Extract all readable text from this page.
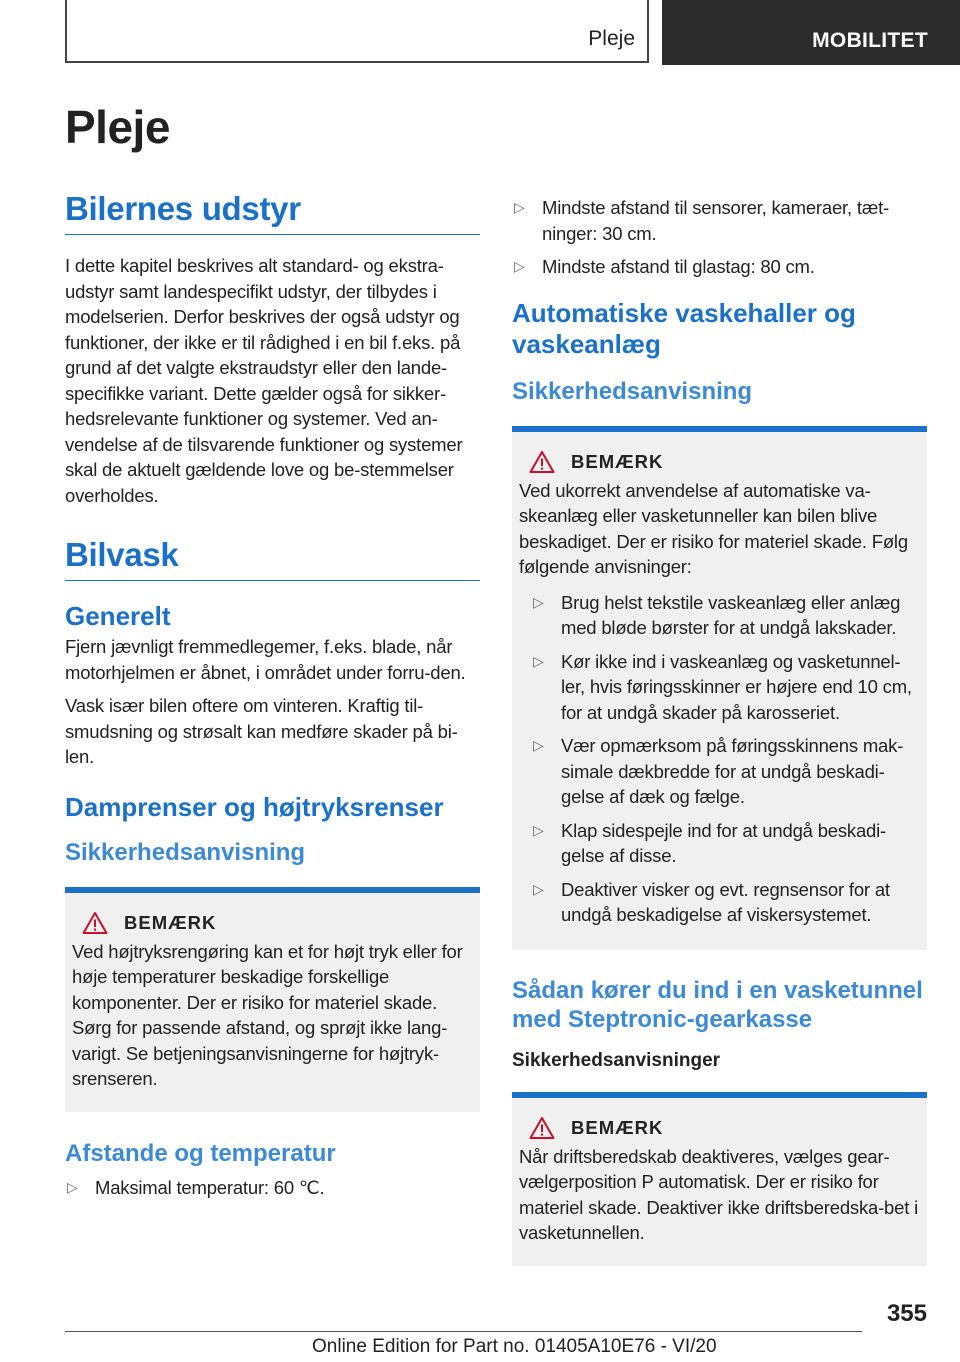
Pleje	MOBILITET
Pleje
Bilernes udstyr

I dette kapitel beskrives alt standard- og ekstra-udstyr samt landespecifikt udstyr, der tilbydes i modelserien. Derfor beskrives der også udstyr og funktioner, der ikke er til rådighed i en bil f.eks. på grund af det valgte ekstraudstyr eller den lande-specifikke variant. Dette gælder også for sikker-hedsrelevante funktioner og systemer. Ved an-vendelse af de tilsvarende funktioner og systemer skal de aktuelt gældende love og be-stemmelser overholdes.

Bilvask
Generelt

Fjern jævnligt fremmedlegemer, f.eks. blade, når motorhjelmen er åbnet, i området under forru-den.

Vask især bilen oftere om vinteren. Kraftig til-smudsning og strøsalt kan medføre skader på bi-len.

Damprenser og højtryksrenser
Sikkerhedsanvisning
BEMÆRK

Ved højtryksrengøring kan et for højt tryk eller for høje temperaturer beskadige forskellige komponenter. Der er risiko for materiel skade. Sørg for passende afstand, og sprøjt ikke lang-varigt. Se betjeningsanvisningerne for højtryk-srenseren.

Afstande og temperatur
▷ Maksimal temperatur: 60 ℃.
▷ Mindste afstand til sensorer, kameraer, tæt-ninger: 30 cm.
▷ Mindste afstand til glastag: 80 cm.
Automatiske vaskehaller og vaskeanlæg
Sikkerhedsanvisning
BEMÆRK

Ved ukorrekt anvendelse af automatiske va-skeanlæg eller vasketunneller kan bilen blive beskadiget. Der er risiko for materiel skade. Følg følgende anvisninger:

▷ Brug helst tekstile vaskeanlæg eller anlæg med bløde børster for at undgå lakskader.
▷ Kør ikke ind i vaskeanlæg og vasketunnel-ler, hvis føringsskinner er højere end 10 cm, for at undgå skader på karosseriet.
▷ Vær opmærksom på føringsskinnens mak-simale dækbredde for at undgå beskadi-gelse af dæk og fælge.
▷ Klap sidespejle ind for at undgå beskadi-gelse af disse.
▷ Deaktiver visker og evt. regnsensor for at undgå beskadigelse af viskersystemet.
Sådan kører du ind i en vasketunnel med Steptronic-gearkasse
Sikkerhedsanvisninger
BEMÆRK

Når driftsberedskab deaktiveres, vælges gear-vælgerposition P automatisk. Der er risiko for materiel skade. Deaktiver ikke driftsberedska-bet i vasketunnellen.

355
Online Edition for Part no. 01405A10E76 - VI/20
